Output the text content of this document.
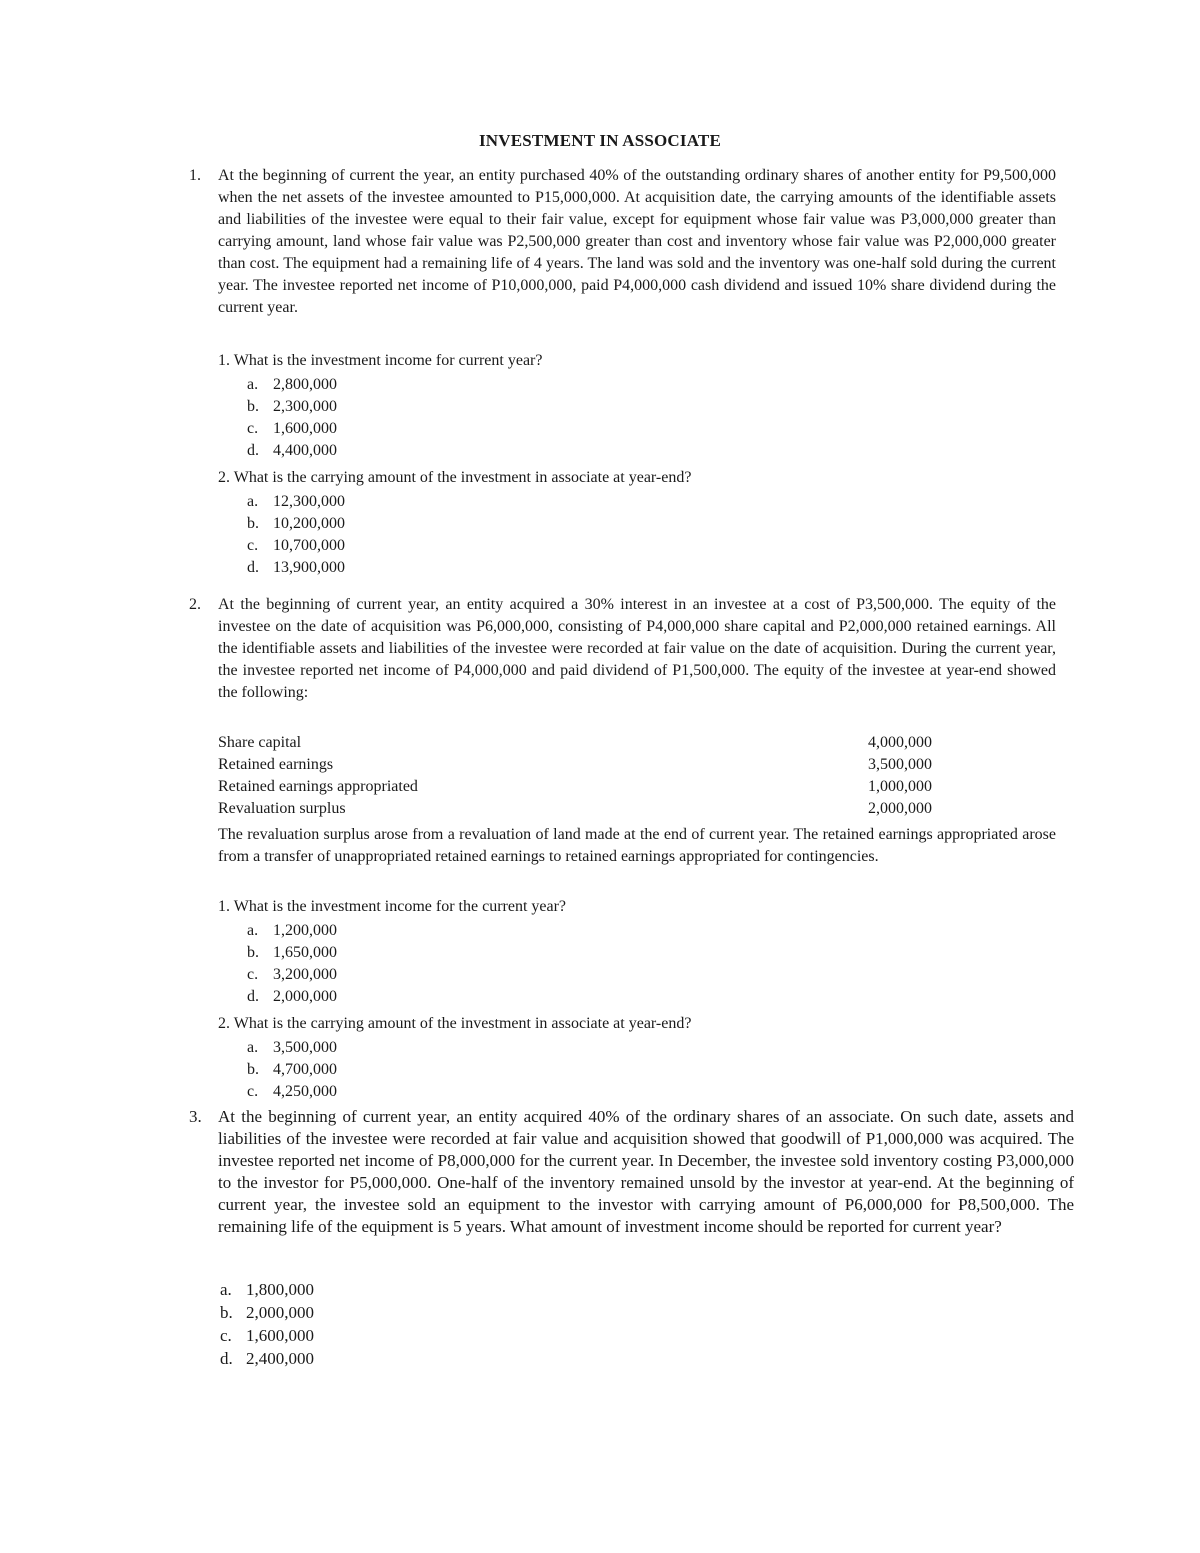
INVESTMENT IN ASSOCIATE
1. At the beginning of current the year, an entity purchased 40% of the outstanding ordinary shares of another entity for P9,500,000 when the net assets of the investee amounted to P15,000,000. At acquisition date, the carrying amounts of the identifiable assets and liabilities of the investee were equal to their fair value, except for equipment whose fair value was P3,000,000 greater than carrying amount, land whose fair value was P2,500,000 greater than cost and inventory whose fair value was P2,000,000 greater than cost. The equipment had a remaining life of 4 years. The land was sold and the inventory was one-half sold during the current year. The investee reported net income of P10,000,000, paid P4,000,000 cash dividend and issued 10% share dividend during the current year.
1. What is the investment income for current year?
a. 2,800,000
b. 2,300,000
c. 1,600,000
d. 4,400,000
2. What is the carrying amount of the investment in associate at year-end?
a. 12,300,000
b. 10,200,000
c. 10,700,000
d. 13,900,000
2. At the beginning of current year, an entity acquired a 30% interest in an investee at a cost of P3,500,000. The equity of the investee on the date of acquisition was P6,000,000, consisting of P4,000,000 share capital and P2,000,000 retained earnings. All the identifiable assets and liabilities of the investee were recorded at fair value on the date of acquisition. During the current year, the investee reported net income of P4,000,000 and paid dividend of P1,500,000. The equity of the investee at year-end showed the following:
Share capital	4,000,000
Retained earnings	3,500,000
Retained earnings appropriated	1,000,000
Revaluation surplus	2,000,000
The revaluation surplus arose from a revaluation of land made at the end of current year. The retained earnings appropriated arose from a transfer of unappropriated retained earnings to retained earnings appropriated for contingencies.
1. What is the investment income for the current year?
a. 1,200,000
b. 1,650,000
c. 3,200,000
d. 2,000,000
2. What is the carrying amount of the investment in associate at year-end?
a. 3,500,000
b. 4,700,000
c. 4,250,000
3. At the beginning of current year, an entity acquired 40% of the ordinary shares of an associate. On such date, assets and liabilities of the investee were recorded at fair value and acquisition showed that goodwill of P1,000,000 was acquired. The investee reported net income of P8,000,000 for the current year. In December, the investee sold inventory costing P3,000,000 to the investor for P5,000,000. One-half of the inventory remained unsold by the investor at year-end. At the beginning of current year, the investee sold an equipment to the investor with carrying amount of P6,000,000 for P8,500,000. The remaining life of the equipment is 5 years. What amount of investment income should be reported for current year?
a. 1,800,000
b. 2,000,000
c. 1,600,000
d. 2,400,000
